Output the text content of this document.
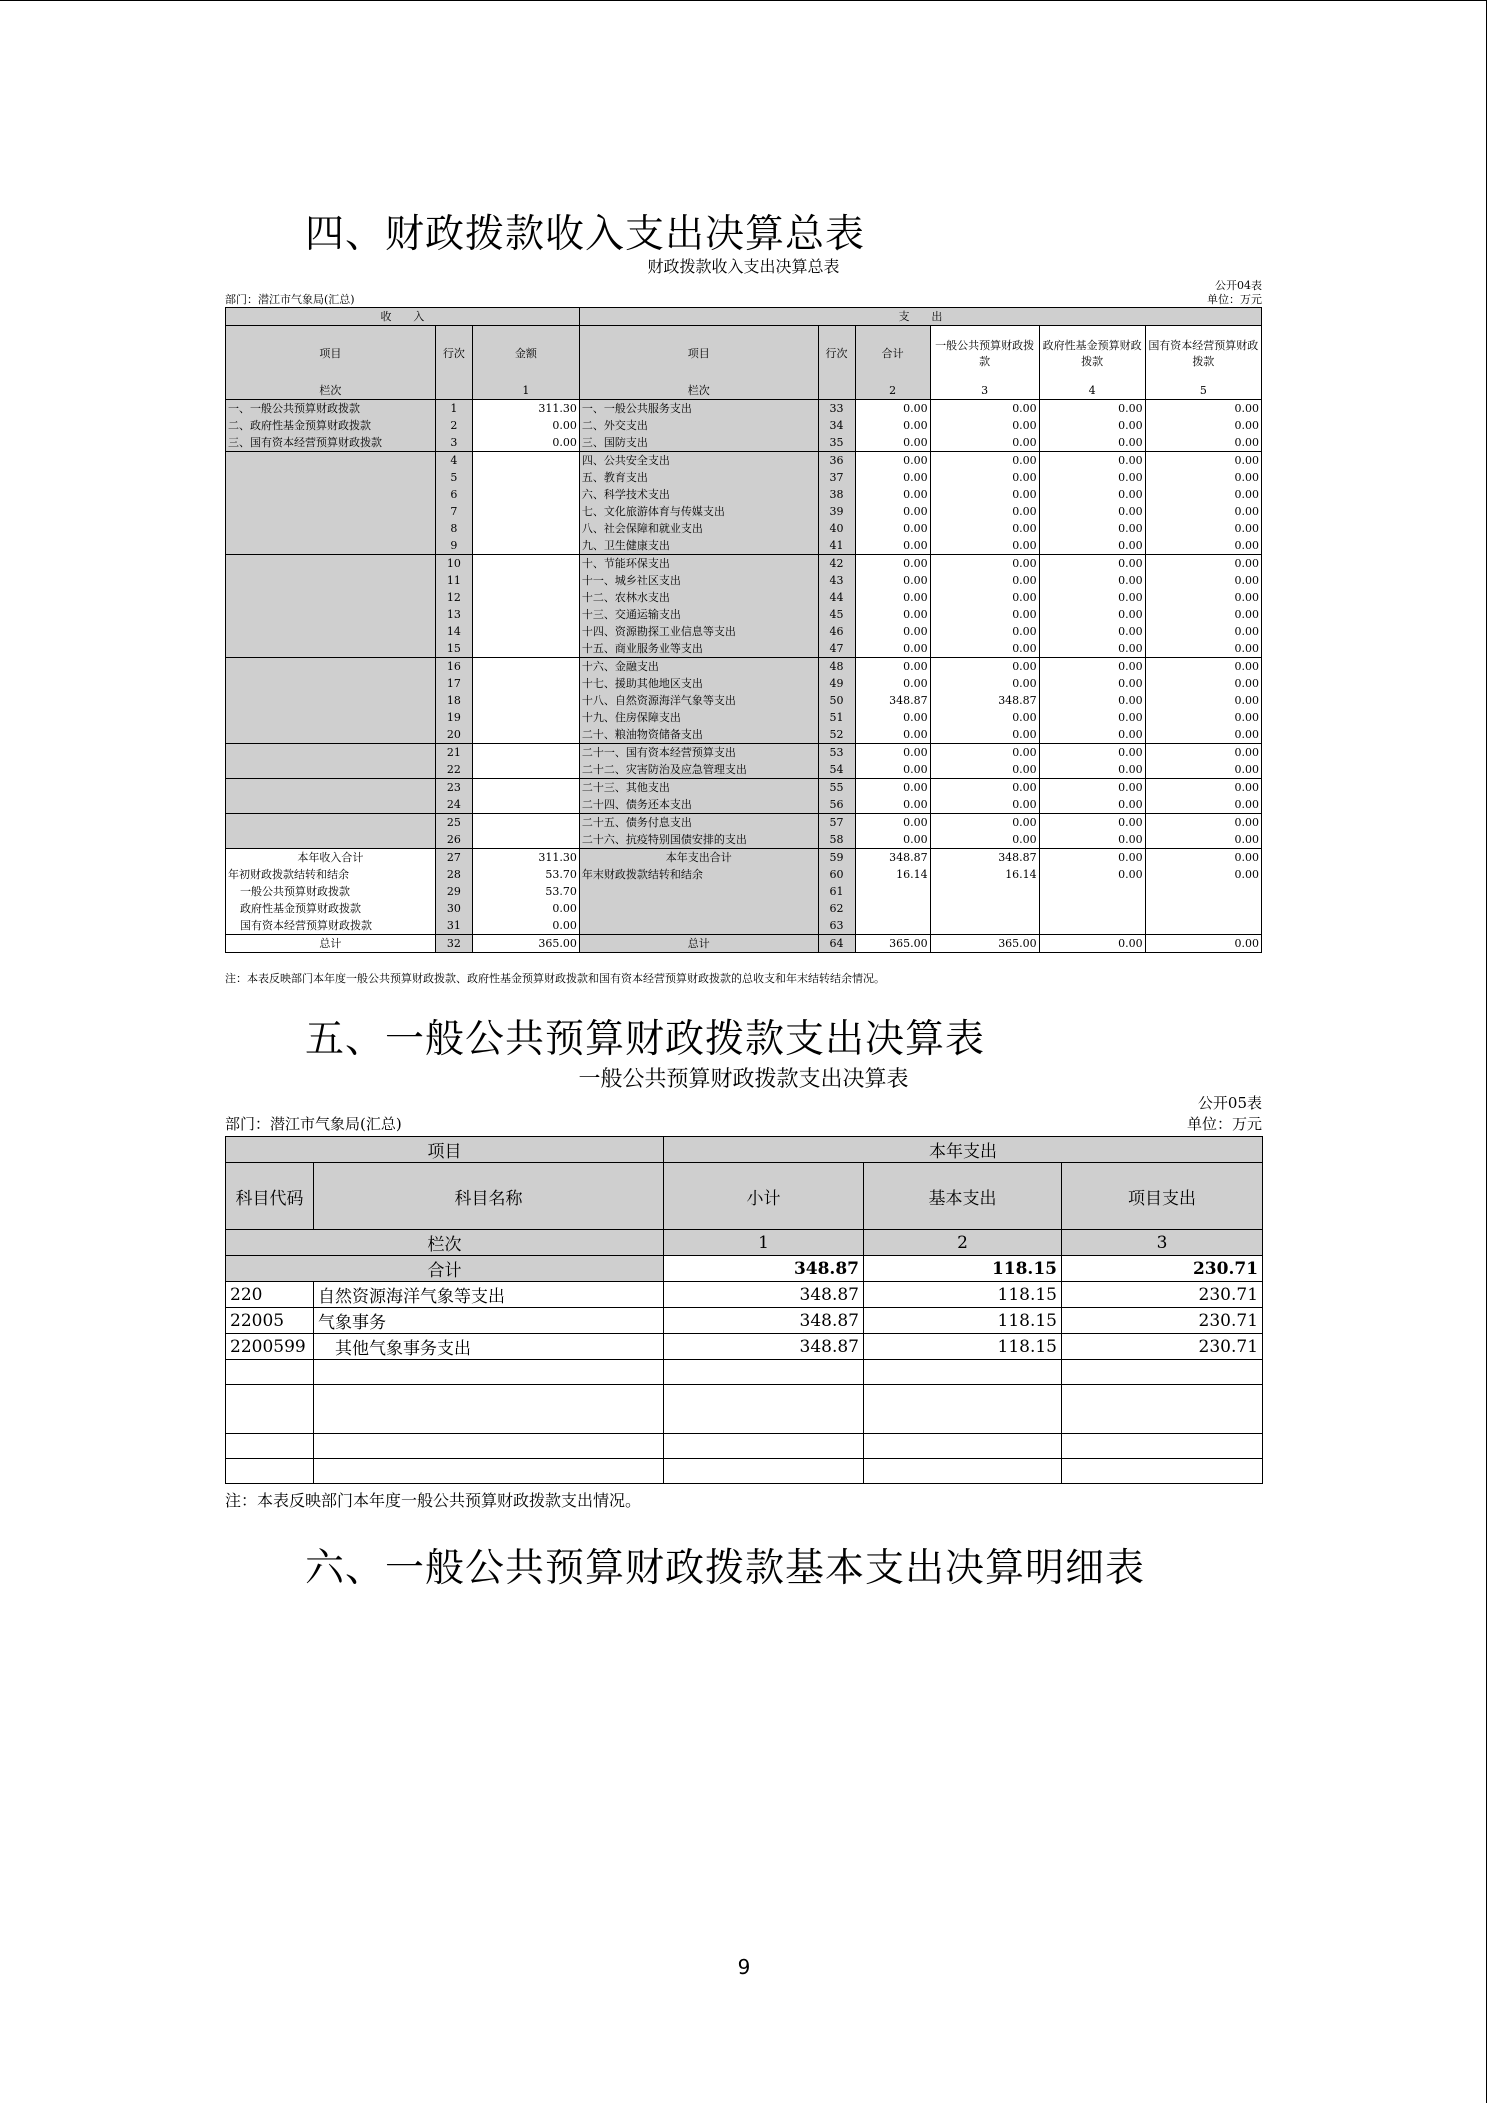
四、财政拨款收入支出决算总表
财政拨款收入支出决算总表
公开04表
部门：潜江市气象局(汇总)	单位：万元
收　　入			支　　出					
项目	行次	金额	项目	行次	合计	一般公共预算财政拨款	政府性基金预算财政拨款	国有资本经营预算财政拨款
栏次		1	栏次		2	3	4	5
一、一般公共预算财政拨款	1	311.30	一、一般公共服务支出	33	0.00	0.00	0.00	0.00
二、政府性基金预算财政拨款	2	0.00	二、外交支出	34	0.00	0.00	0.00	0.00
三、国有资本经营预算财政拨款	3	0.00	三、国防支出	35	0.00	0.00	0.00	0.00
	4		四、公共安全支出	36	0.00	0.00	0.00	0.00
	5		五、教育支出	37	0.00	0.00	0.00	0.00
	6		六、科学技术支出	38	0.00	0.00	0.00	0.00
	7		七、文化旅游体育与传媒支出	39	0.00	0.00	0.00	0.00
	8		八、社会保障和就业支出	40	0.00	0.00	0.00	0.00
	9		九、卫生健康支出	41	0.00	0.00	0.00	0.00
	10		十、节能环保支出	42	0.00	0.00	0.00	0.00
	11		十一、城乡社区支出	43	0.00	0.00	0.00	0.00
	12		十二、农林水支出	44	0.00	0.00	0.00	0.00
	13		十三、交通运输支出	45	0.00	0.00	0.00	0.00
	14		十四、资源勘探工业信息等支出	46	0.00	0.00	0.00	0.00
	15		十五、商业服务业等支出	47	0.00	0.00	0.00	0.00
	16		十六、金融支出	48	0.00	0.00	0.00	0.00
	17		十七、援助其他地区支出	49	0.00	0.00	0.00	0.00
	18		十八、自然资源海洋气象等支出	50	348.87	348.87	0.00	0.00
	19		十九、住房保障支出	51	0.00	0.00	0.00	0.00
	20		二十、粮油物资储备支出	52	0.00	0.00	0.00	0.00
	21		二十一、国有资本经营预算支出	53	0.00	0.00	0.00	0.00
	22		二十二、灾害防治及应急管理支出	54	0.00	0.00	0.00	0.00
	23		二十三、其他支出	55	0.00	0.00	0.00	0.00
	24		二十四、债务还本支出	56	0.00	0.00	0.00	0.00
	25		二十五、债务付息支出	57	0.00	0.00	0.00	0.00
	26		二十六、抗疫特别国债安排的支出	58	0.00	0.00	0.00	0.00
本年收入合计	27	311.30	本年支出合计	59	348.87	348.87	0.00	0.00
年初财政拨款结转和结余	28	53.70	年末财政拨款结转和结余	60	16.14	16.14	0.00	0.00
一般公共预算财政拨款	29	53.70		61				
政府性基金预算财政拨款	30	0.00		62				
国有资本经营预算财政拨款	31	0.00		63				
总计	32	365.00	总计	64	365.00	365.00	0.00	0.00
注：本表反映部门本年度一般公共预算财政拨款、政府性基金预算财政拨款和国有资本经营预算财政拨款的总收支和年末结转结余情况。
五、一般公共预算财政拨款支出决算表
一般公共预算财政拨款支出决算表
公开05表
部门：潜江市气象局(汇总)	单位：万元
项目		本年支出		
科目代码	科目名称	小计	基本支出	项目支出
栏次		1	2	3
合计		348.87	118.15	230.71
220	自然资源海洋气象等支出	348.87	118.15	230.71
22005	气象事务	348.87	118.15	230.71
2200599	　其他气象事务支出	348.87	118.15	230.71

注：本表反映部门本年度一般公共预算财政拨款支出情况。
六、一般公共预算财政拨款基本支出决算明细表
9
